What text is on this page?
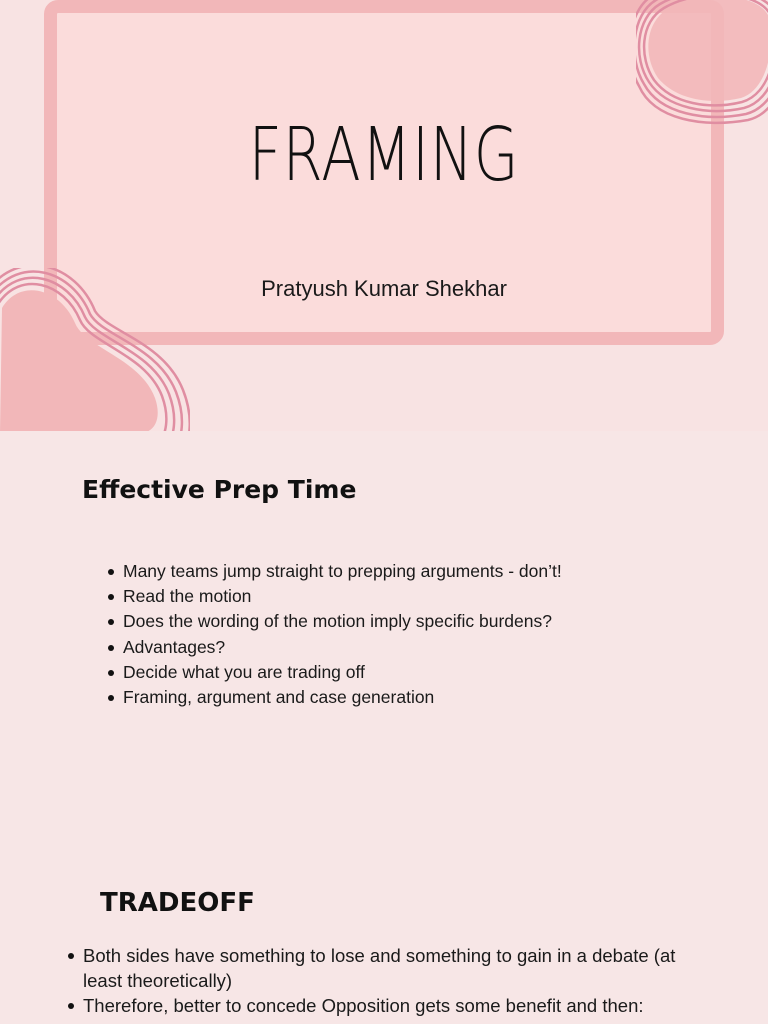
FRAMING
Pratyush Kumar Shekhar
Effective Prep Time
Many teams jump straight to prepping arguments - don’t!
Read the motion
Does the wording of the motion imply specific burdens?
Advantages?
Decide what you are trading off
Framing, argument and case generation
TRADEOFF
Both sides have something to lose and something to gain in a debate (at least theoretically)
Therefore, better to concede Opposition gets some benefit and then:
